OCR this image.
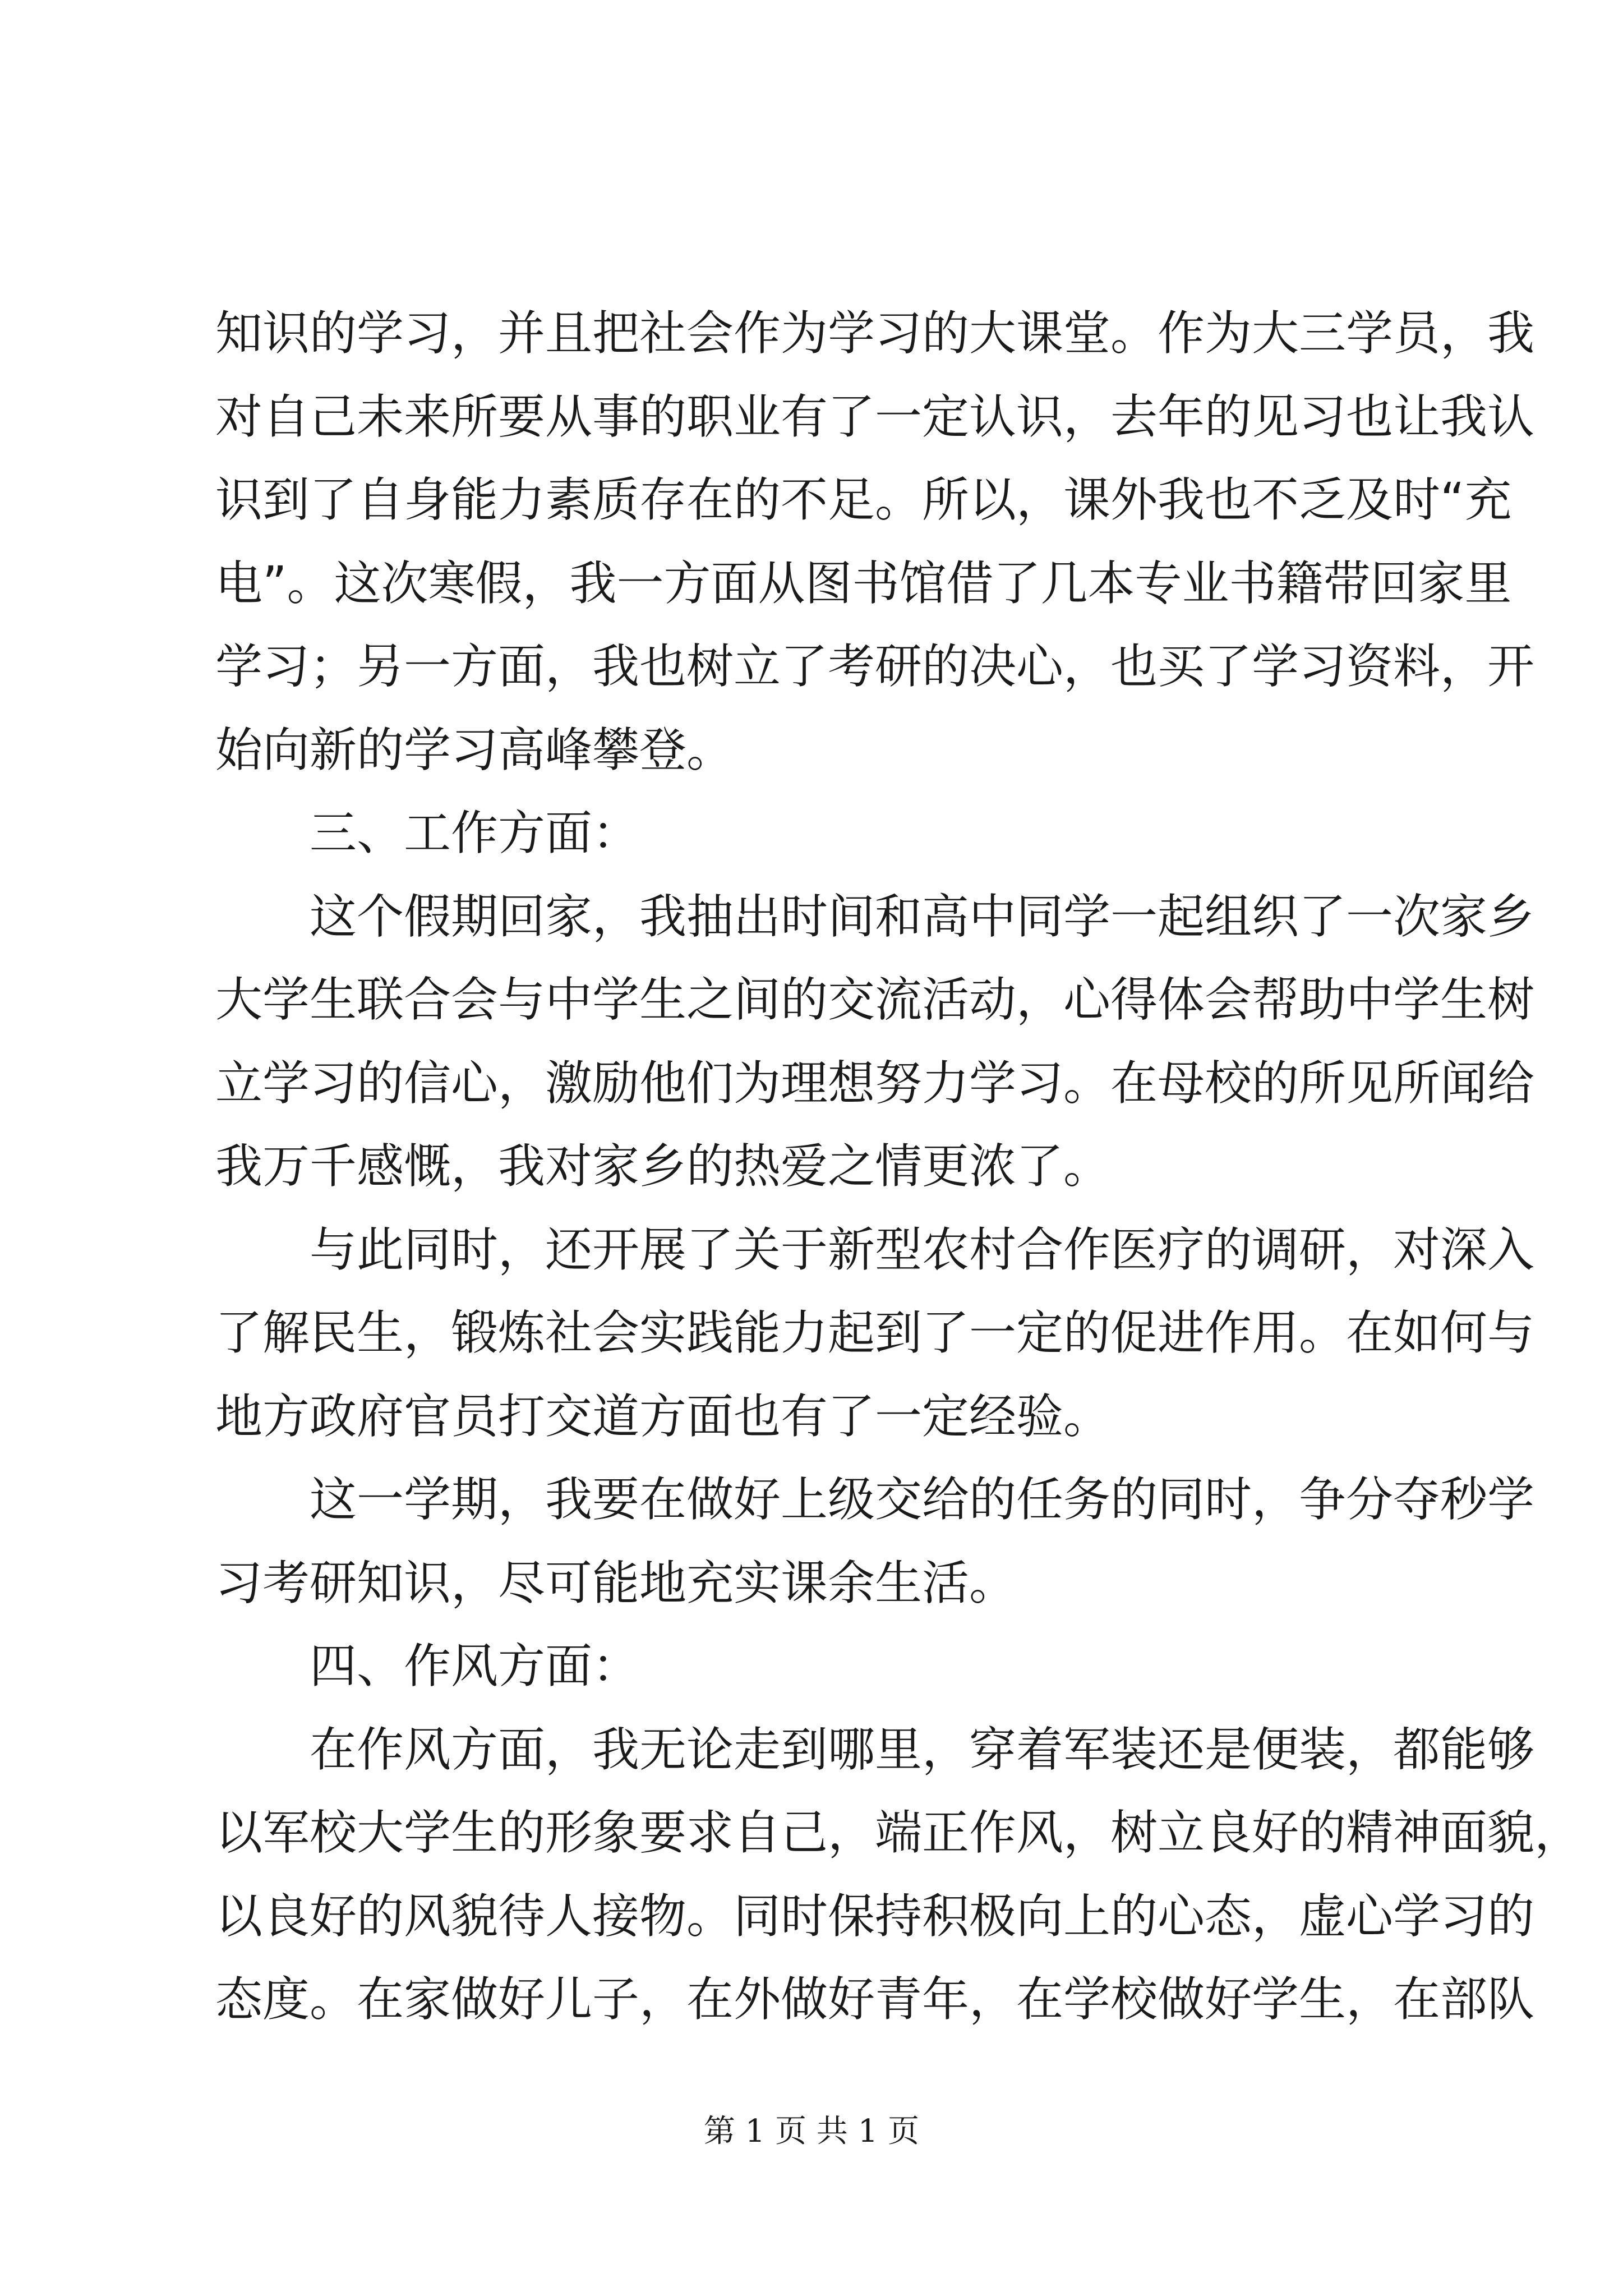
知识的学习，并且把社会作为学习的大课堂。作为大三学员，我
对自己未来所要从事的职业有了一定认识，去年的见习也让我认
识到了自身能力素质存在的不足。所以，课外我也不乏及时“充
电”。这次寒假，我一方面从图书馆借了几本专业书籍带回家里
学习；另一方面，我也树立了考研的决心，也买了学习资料，开
始向新的学习高峰攀登。
三、工作方面：
这个假期回家，我抽出时间和高中同学一起组织了一次家乡
大学生联合会与中学生之间的交流活动，心得体会帮助中学生树
立学习的信心，激励他们为理想努力学习。在母校的所见所闻给
我万千感慨，我对家乡的热爱之情更浓了。
与此同时，还开展了关于新型农村合作医疗的调研，对深入
了解民生，锻炼社会实践能力起到了一定的促进作用。在如何与
地方政府官员打交道方面也有了一定经验。
这一学期，我要在做好上级交给的任务的同时，争分夺秒学
习考研知识，尽可能地充实课余生活。
四、作风方面：
在作风方面，我无论走到哪里，穿着军装还是便装，都能够
以军校大学生的形象要求自己，端正作风，树立良好的精神面貌，
以良好的风貌待人接物。同时保持积极向上的心态，虚心学习的
态度。在家做好儿子，在外做好青年，在学校做好学生，在部队
第 1 页 共 1 页
